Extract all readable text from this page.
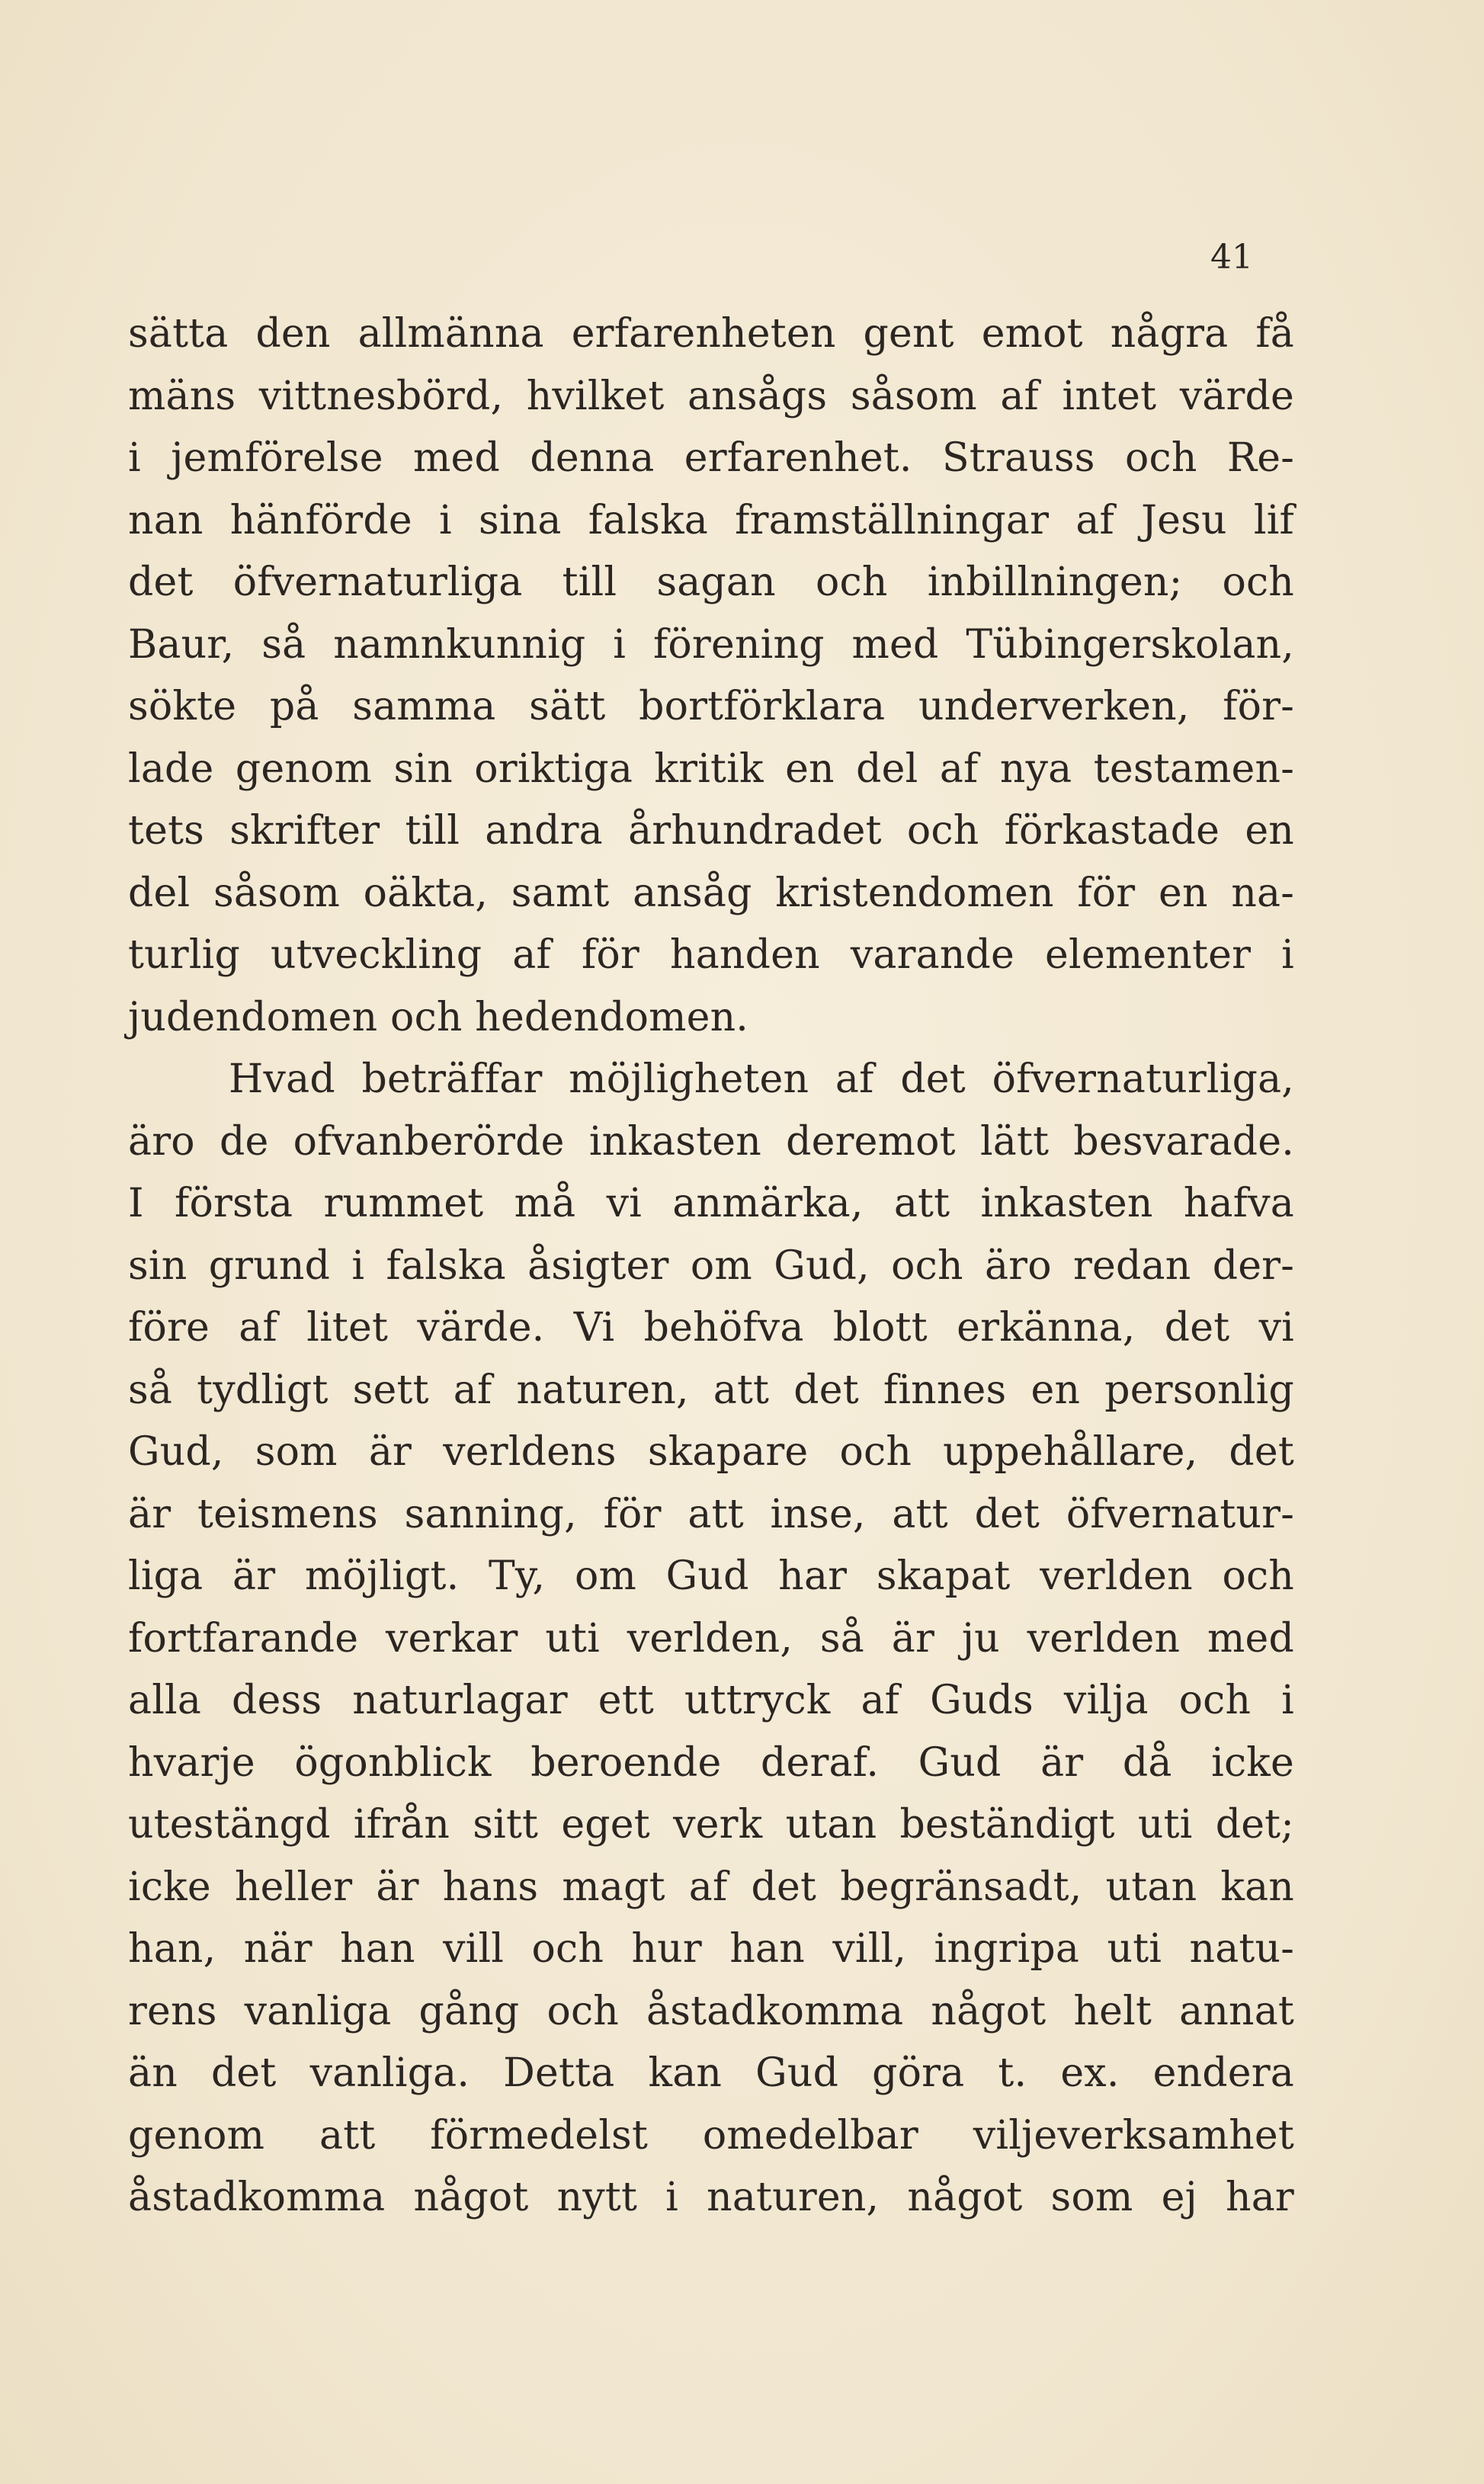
41
sätta den allmänna erfarenheten gent emot några få
mäns vittnesbörd, hvilket ansågs såsom af intet värde
i jemförelse med denna erfarenhet. Strauss och Re-
nan hänförde i sina falska framställningar af Jesu lif
det öfvernaturliga till sagan och inbillningen; och
Baur, så namnkunnig i förening med Tübingerskolan,
sökte på samma sätt bortförklara underverken, för-
lade genom sin oriktiga kritik en del af nya testamen-
tets skrifter till andra århundradet och förkastade en
del såsom oäkta, samt ansåg kristendomen för en na-
turlig utveckling af för handen varande elementer i
judendomen och hedendomen.
Hvad beträffar möjligheten af det öfvernaturliga,
äro de ofvanberörde inkasten deremot lätt besvarade.
I första rummet må vi anmärka, att inkasten hafva
sin grund i falska åsigter om Gud, och äro redan der-
före af litet värde. Vi behöfva blott erkänna, det vi
så tydligt sett af naturen, att det finnes en personlig
Gud, som är verldens skapare och uppehållare, det
är teismens sanning, för att inse, att det öfvernatur-
liga är möjligt. Ty, om Gud har skapat verlden och
fortfarande verkar uti verlden, så är ju verlden med
alla dess naturlagar ett uttryck af Guds vilja och i
hvarje ögonblick beroende deraf. Gud är då icke
utestängd ifrån sitt eget verk utan beständigt uti det;
icke heller är hans magt af det begränsadt, utan kan
han, när han vill och hur han vill, ingripa uti natu-
rens vanliga gång och åstadkomma något helt annat
än det vanliga. Detta kan Gud göra t. ex. endera
genom att förmedelst omedelbar viljeverksamhet
åstadkomma något nytt i naturen, något som ej har
